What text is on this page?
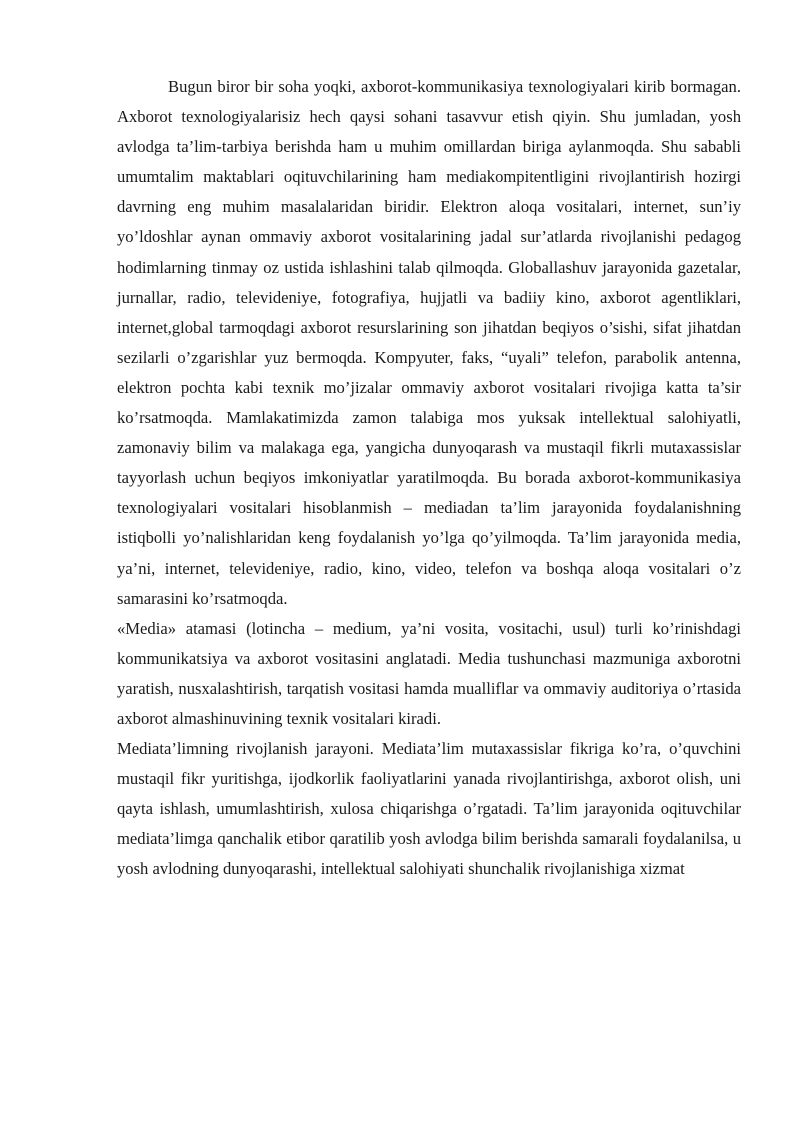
Bugun biror bir soha yoqki, axborot-kommunikasiya texnologiyalari kirib bormagan. Axborot texnologiyalarisiz hech qaysi sohani tasavvur etish qiyin. Shu jumladan, yosh avlodga ta’lim-tarbiya berishda ham u muhim omillardan biriga aylanmoqda. Shu sababli umumtalim maktablari oqituvchilarining ham mediakompitentligini rivojlantirish hozirgi davrning eng muhim masalalaridan biridir. Elektron aloqa vositalari, internet, sun’iy yo’ldoshlar aynan ommaviy axborot vositalarining jadal sur’atlarda rivojlanishi pedagog hodimlarning tinmay oz ustida ishlashini talab qilmoqda. Globallashuv jarayonida gazetalar, jurnallar, radio, televideniye, fotografiya, hujjatli va badiiy kino, axborot agentliklari, internet,global tarmoqdagi axborot resurslarining son jihatdan beqiyos o’sishi, sifat jihatdan sezilarli o’zgarishlar yuz bermoqda. Kompyuter, faks, “uyali” telefon, parabolik antenna, elektron pochta kabi texnik mo’jizalar ommaviy axborot vositalari rivojiga katta ta’sir ko’rsatmoqda. Mamlakatimizda zamon talabiga mos yuksak intellektual salohiyatli, zamonaviy bilim va malakaga ega, yangicha dunyoqarash va mustaqil fikrli mutaxassislar tayyorlash uchun beqiyos imkoniyatlar yaratilmoqda. Bu borada axborot-kommunikasiya texnologiyalari vositalari hisoblanmish – mediadan ta’lim jarayonida foydalanishning istiqbolli yo’nalishlaridan keng foydalanish yo’lga qo’yilmoqda. Ta’lim jarayonida media, ya’ni, internet, televideniye, radio, kino, video, telefon va boshqa aloqa vositalari o’z samarasini ko’rsatmoqda.

«Media» atamasi (lotincha – medium, ya’ni vosita, vositachi, usul) turli ko’rinishdagi kommunikatsiya va axborot vositasini anglatadi. Media tushunchasi mazmuniga axborotni yaratish, nusxalashtirish, tarqatish vositasi hamda mualliflar va ommaviy auditoriya o’rtasida axborot almashinuvining texnik vositalari kiradi.

Mediata’limning rivojlanish jarayoni. Mediata’lim mutaxassislar fikriga ko’ra, o’quvchini mustaqil fikr yuritishga, ijodkorlik faoliyatlarini yanada rivojlantirishga, axborot olish, uni qayta ishlash, umumlashtirish, xulosa chiqarishga o’rgatadi. Ta’lim jarayonida oqituvchilar mediata’limga qanchalik etibor qaratilib yosh avlodga bilim berishda samarali foydalanilsa, u yosh avlodning dunyoqarashi, intellektual salohiyati shunchalik rivojlanishiga xizmat
